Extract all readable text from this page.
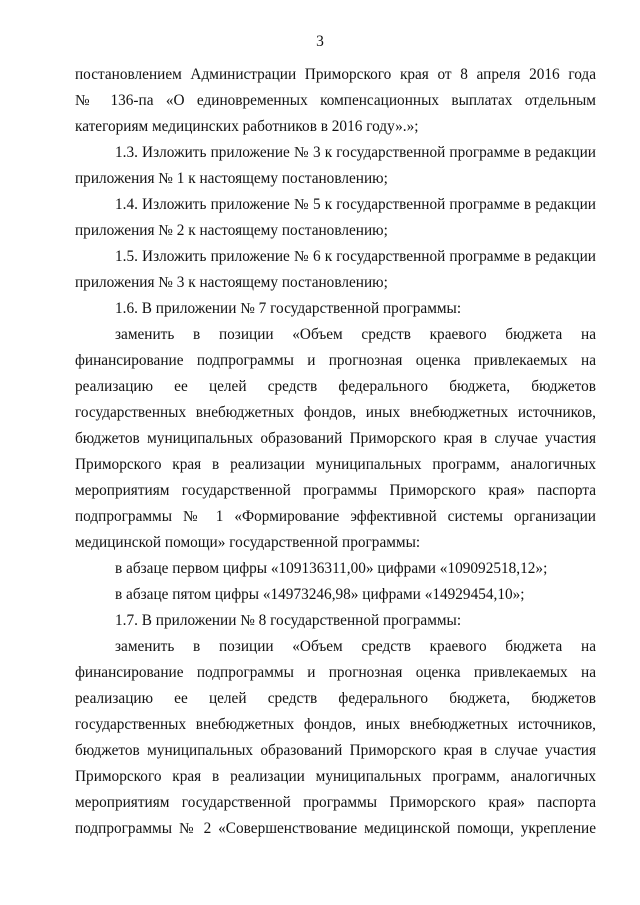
3
постановлением Администрации Приморского края от 8 апреля 2016 года
№ 136-па «О единовременных компенсационных выплатах отдельным
категориям медицинских работников в 2016 году».»;
1.3. Изложить приложение № 3 к государственной программе в редакции
приложения № 1 к настоящему постановлению;
1.4. Изложить приложение № 5 к государственной программе в редакции
приложения № 2 к настоящему постановлению;
1.5. Изложить приложение № 6 к государственной программе в редакции
приложения № 3 к настоящему постановлению;
1.6. В приложении № 7 государственной программы:
заменить в позиции «Объем средств краевого бюджета на
финансирование подпрограммы и прогнозная оценка привлекаемых на
реализацию ее целей средств федерального бюджета, бюджетов
государственных внебюджетных фондов, иных внебюджетных источников,
бюджетов муниципальных образований Приморского края в случае участия
Приморского края в реализации муниципальных программ, аналогичных
мероприятиям государственной программы Приморского края» паспорта
подпрограммы № 1 «Формирование эффективной системы организации
медицинской помощи» государственной программы:
в абзаце первом цифры «109136311,00» цифрами «109092518,12»;
в абзаце пятом цифры «14973246,98» цифрами «14929454,10»;
1.7. В приложении № 8 государственной программы:
заменить в позиции «Объем средств краевого бюджета на
финансирование подпрограммы и прогнозная оценка привлекаемых на
реализацию ее целей средств федерального бюджета, бюджетов
государственных внебюджетных фондов, иных внебюджетных источников,
бюджетов муниципальных образований Приморского края в случае участия
Приморского края в реализации муниципальных программ, аналогичных
мероприятиям государственной программы Приморского края» паспорта
подпрограммы № 2 «Совершенствование медицинской помощи, укрепление
